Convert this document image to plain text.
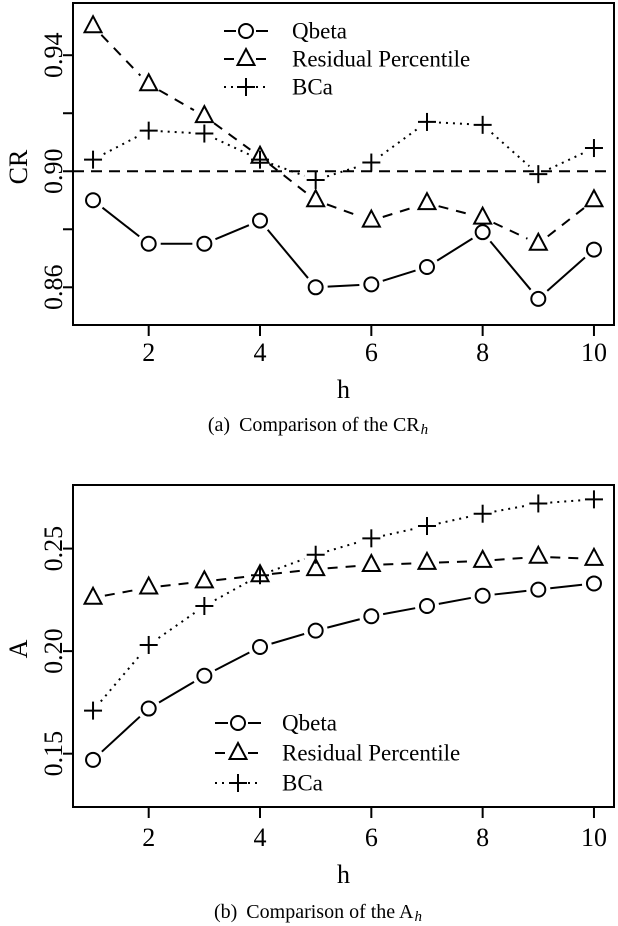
2	4	6	8	10
0.86
0.90
0.94
h
CR
Qbeta
Residual Percentile
BCa
(a) Comparison of the CRh
2	4	6	8	10
0.15
0.20
0.25
h
A
Qbeta
Residual Percentile
BCa
(b) Comparison of the Ah
